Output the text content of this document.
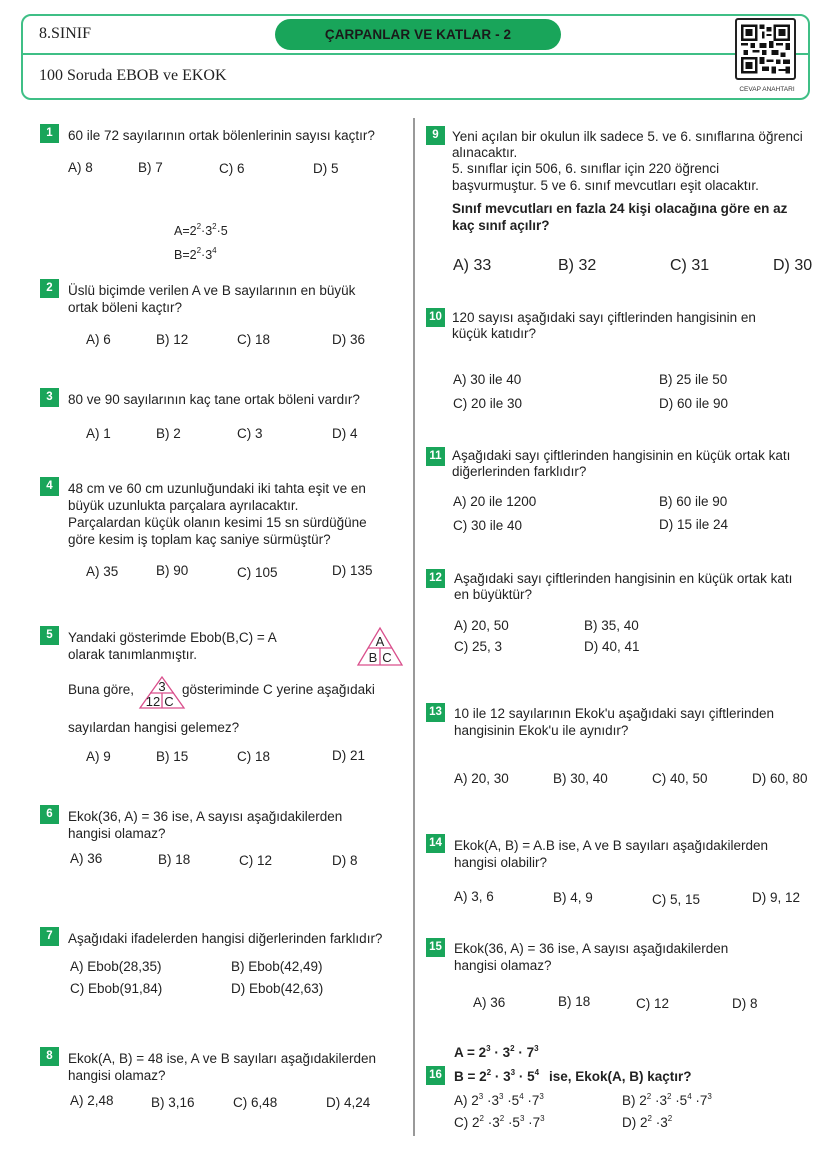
8.SINIF	ÇARPANLAR VE KATLAR - 2
100 Soruda EBOB ve EKOK
CEVAP ANAHTARI
1	60 ile 72 sayılarının ortak bölenlerinin sayısı kaçtır?
A) 8	B) 7	C) 6	D) 5
$A=2^2\cdot 3^2\cdot 5$
$B=2^2\cdot 3^4$
2	Üslü biçimde verilen A ve B sayılarının en büyük
ortak böleni kaçtır?
A) 6	B) 12	C) 18	D) 36
3	80 ve 90 sayılarının kaç tane ortak böleni vardır?
A) 1	B) 2	C) 3	D) 4
4	48 cm ve 60 cm uzunluğundaki iki tahta eşit ve en
büyük uzunlukta parçalara ayrılacaktır.
Parçalardan küçük olanın kesimi 15 sn sürdüğüne
göre kesim iş toplam kaç saniye sürmüştür?
A) 35	B) 90	C) 105	D) 135
5	Yandaki gösterimde Ebob(B,C) = A
olarak tanımlanmıştır.
A
B C
Buna göre, 3
12 C
gösteriminde C yerine aşağıdaki
sayılardan hangisi gelemez?
A) 9	B) 15	C) 18	D) 21
6	Ekok(36, A) = 36 ise, A sayısı aşağıdakilerden
hangisi olamaz?
A) 36	B) 18	C) 12	D) 8
7	Aşağıdaki ifadelerden hangisi diğerlerinden farklıdır?
A) Ebob(28,35)	B) Ebob(42,49)
C) Ebob(91,84)	D) Ebob(42,63)
8	Ekok(A, B) = 48 ise, A ve B sayıları aşağıdakilerden
hangisi olamaz?
A) 2,48	B) 3,16	C) 6,48	D) 4,24
9 Yeni açılan bir okulun ilk sadece 5. ve 6. sınıflarına öğrenci
alınacaktır.
5. sınıflar için 506, 6. sınıflar için 220 öğrenci
başvurmuştur. 5 ve 6. sınıf mevcutları eşit olacaktır.
Sınıf mevcutları en fazla 24 kişi olacağına göre en az
kaç sınıf açılır?
A) 33	B) 32	C) 31	D) 30
10 120 sayısı aşağıdaki sayı çiftlerinden hangisinin en
küçük katıdır?
A) 30 ile 40	B) 25 ile 50
C) 20 ile 30	D) 60 ile 90
11 Aşağıdaki sayı çiftlerinden hangisinin en küçük ortak katı
diğerlerinden farklıdır?
A) 20 ile 1200	B) 60 ile 90
C) 30 ile 40	D) 15 ile 24
12 Aşağıdaki sayı çiftlerinden hangisinin en küçük ortak katı
en büyüktür?
A) 20, 50	B) 35, 40
C) 25, 3	D) 40, 41
13 10 ile 12 sayılarının Ekok'u aşağıdaki sayı çiftlerinden
hangisinin Ekok'u ile aynıdır?
A) 20, 30	B) 30, 40	C) 40, 50	D) 60, 80
14 Ekok(A, B) = A.B ise, A ve B sayıları aşağıdakilerden
hangisi olabilir?
A) 3, 6	B) 4, 9	C) 5, 15	D) 9, 12
15 Ekok(36, A) = 36 ise, A sayısı aşağıdakilerden
hangisi olamaz?
A) 36	B) 18	C) 12	D) 8
$A = 2^3 \cdot 3^2 \cdot 7^3$
16 $B = 2^2 \cdot 3^3 \cdot 5^4$ ise, Ekok(A, B) kaçtır?
A) $2^3 \cdot 3^3 \cdot 5^4 \cdot 7^3$	B) $2^2 \cdot 3^2 \cdot 5^4 \cdot 7^3$
C) $2^2 \cdot 3^2 \cdot 5^3 \cdot 7^3$	D) $2^2 \cdot 3^2$
